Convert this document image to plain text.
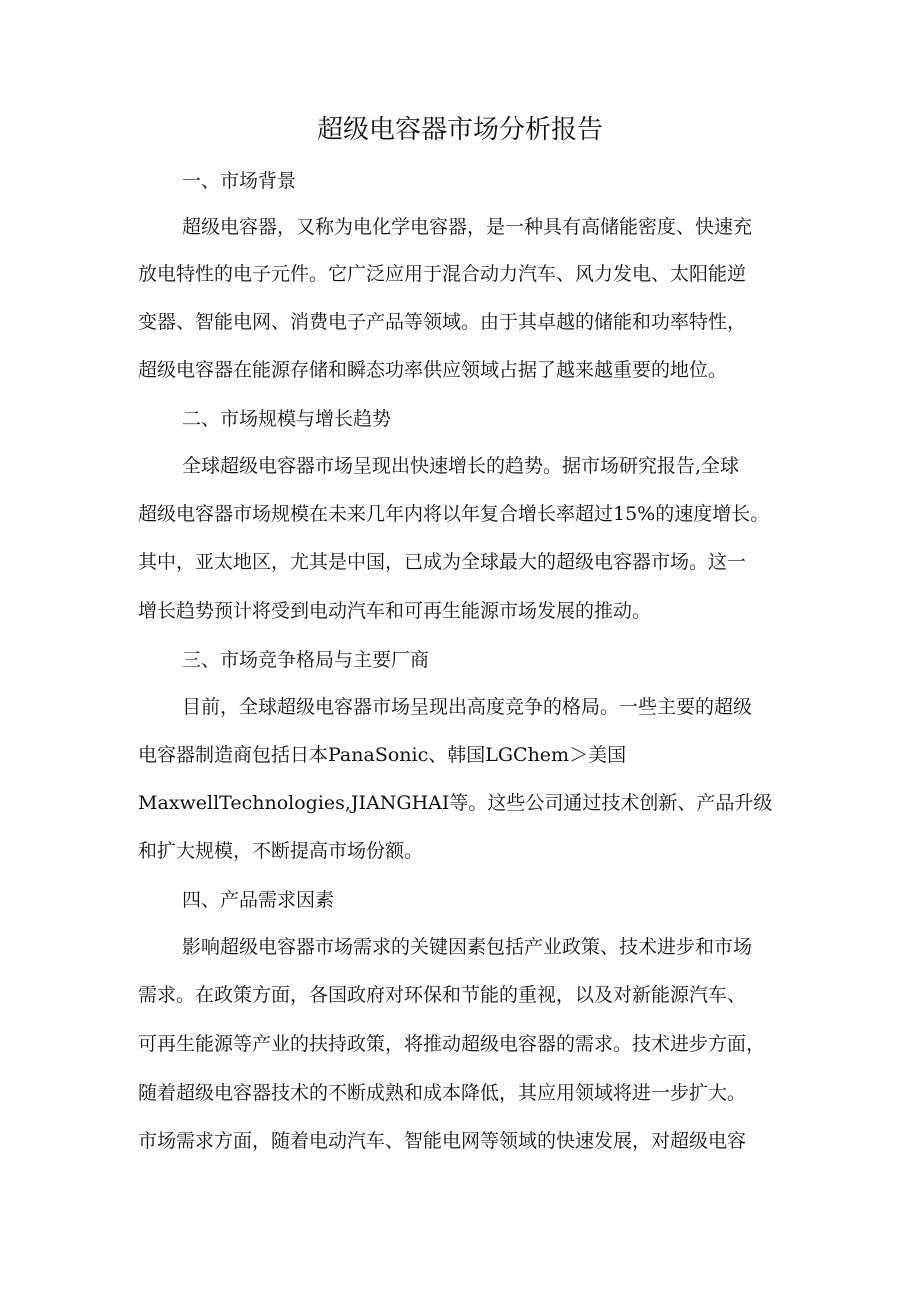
超级电容器市场分析报告
一、市场背景

超级电容器，又称为电化学电容器，是一种具有高储能密度、快速充

放电特性的电子元件。它广泛应用于混合动力汽车、风力发电、太阳能逆

变器、智能电网、消费电子产品等领域。由于其卓越的储能和功率特性，

超级电容器在能源存储和瞬态功率供应领域占据了越来越重要的地位。

二、市场规模与增长趋势

全球超级电容器市场呈现出快速增长的趋势。据市场研究报告,全球

超级电容器市场规模在未来几年内将以年复合增长率超过15%的速度增长。

其中，亚太地区，尤其是中国，已成为全球最大的超级电容器市场。这一

增长趋势预计将受到电动汽车和可再生能源市场发展的推动。

三、市场竞争格局与主要厂商

目前，全球超级电容器市场呈现出高度竞争的格局。一些主要的超级

电容器制造商包括日本PanaSonic、韩国LGChem＞美国

MaxwellTechnologies,JIANGHAI等。这些公司通过技术创新、产品升级

和扩大规模，不断提高市场份额。

四、产品需求因素

影响超级电容器市场需求的关键因素包括产业政策、技术进步和市场

需求。在政策方面，各国政府对环保和节能的重视，以及对新能源汽车、

可再生能源等产业的扶持政策，将推动超级电容器的需求。技术进步方面，

随着超级电容器技术的不断成熟和成本降低，其应用领域将进一步扩大。

市场需求方面，随着电动汽车、智能电网等领域的快速发展，对超级电容
